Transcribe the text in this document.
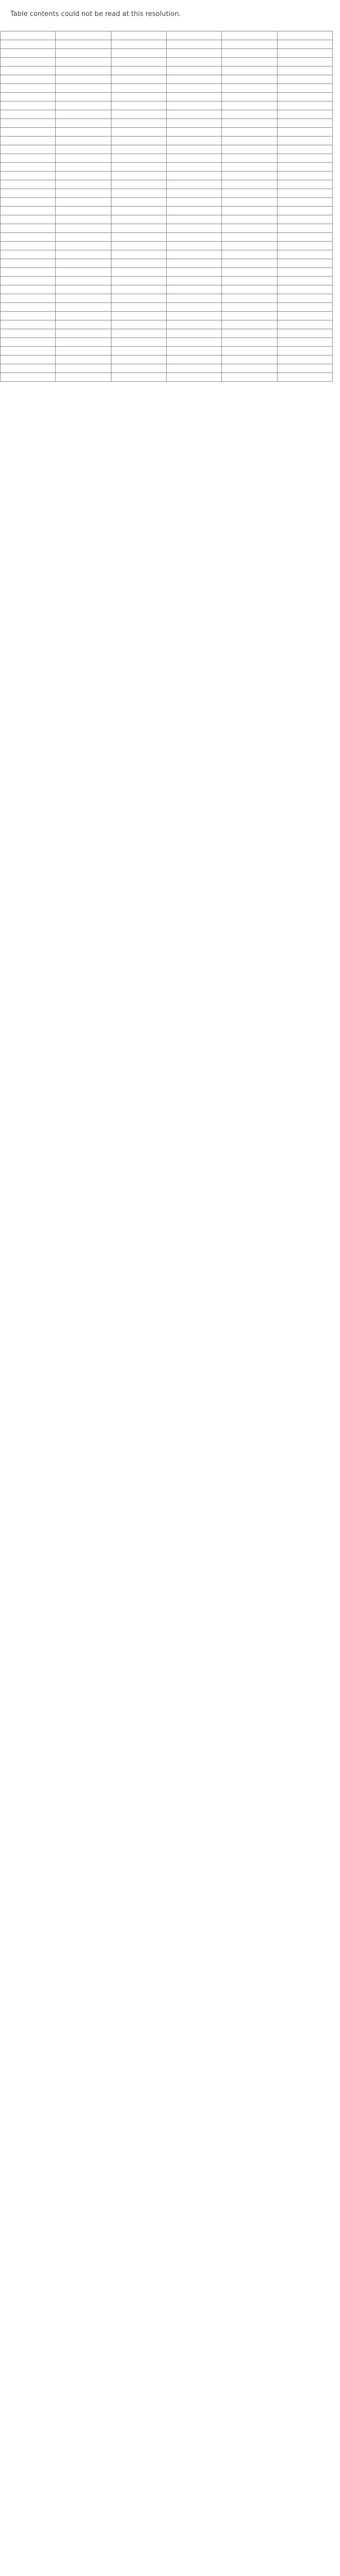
Table contents could not be read at this resolution.
